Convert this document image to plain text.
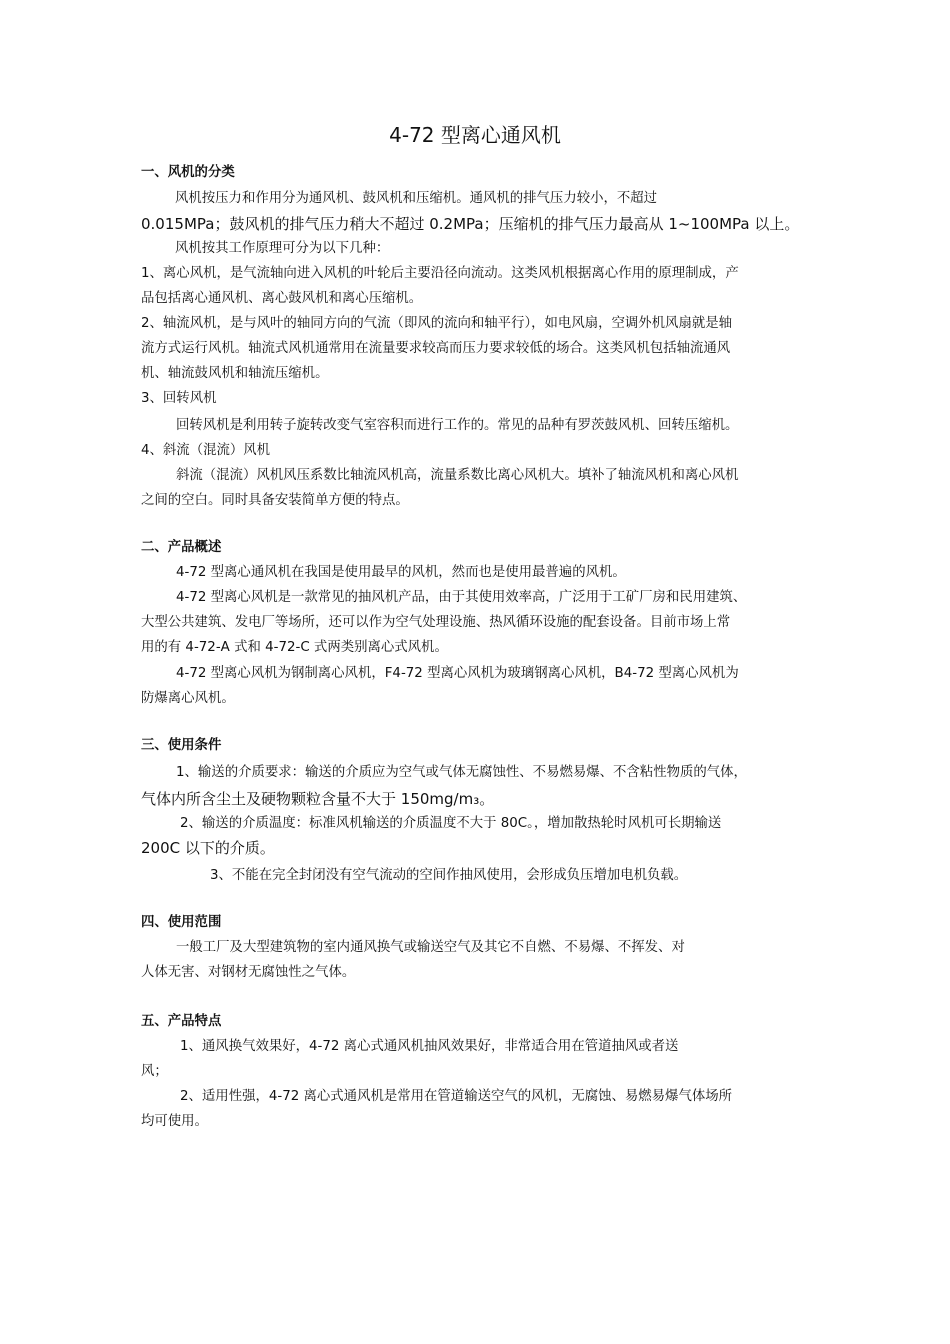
4-72 型离心通风机
一、风机的分类
风机按压力和作用分为通风机、鼓风机和压缩机。通风机的排气压力较小，不超过
0.015MPa；鼓风机的排气压力稍大不超过 0.2MPa；压缩机的排气压力最高从 1~100MPa 以上。
风机按其工作原理可分为以下几种：
1、离心风机，是气流轴向进入风机的叶轮后主要沿径向流动。这类风机根据离心作用的原理制成，产
品包括离心通风机、离心鼓风机和离心压缩机。
2、轴流风机，是与风叶的轴同方向的气流（即风的流向和轴平行），如电风扇，空调外机风扇就是轴
流方式运行风机。轴流式风机通常用在流量要求较高而压力要求较低的场合。这类风机包括轴流通风
机、轴流鼓风机和轴流压缩机。
3、回转风机
回转风机是利用转子旋转改变气室容积而进行工作的。常见的品种有罗茨鼓风机、回转压缩机。
4、斜流（混流）风机
斜流（混流）风机风压系数比轴流风机高，流量系数比离心风机大。填补了轴流风机和离心风机
之间的空白。同时具备安装简单方便的特点。
二、产品概述
4-72 型离心通风机在我国是使用最早的风机，然而也是使用最普遍的风机。
4-72 型离心风机是一款常见的抽风机产品，由于其使用效率高，广泛用于工矿厂房和民用建筑、
大型公共建筑、发电厂等场所，还可以作为空气处理设施、热风循环设施的配套设备。目前市场上常
用的有 4-72-A 式和 4-72-C 式两类别离心式风机。
4-72 型离心风机为钢制离心风机，F4-72 型离心风机为玻璃钢离心风机，B4-72 型离心风机为
防爆离心风机。
三、使用条件
1、输送的介质要求：输送的介质应为空气或气体无腐蚀性、不易燃易爆、不含粘性物质的气体，
气体内所含尘土及硬物颗粒含量不大于 150mg/m₃。
2、输送的介质温度：标准风机输送的介质温度不大于 80C。，增加散热轮时风机可长期输送
200C 以下的介质。
3、不能在完全封闭没有空气流动的空间作抽风使用，会形成负压增加电机负载。
四、使用范围
一般工厂及大型建筑物的室内通风换气或输送空气及其它不自燃、不易爆、不挥发、对
人体无害、对钢材无腐蚀性之气体。
五、产品特点
1、通风换气效果好，4-72 离心式通风机抽风效果好，非常适合用在管道抽风或者送
风；
2、适用性强，4-72 离心式通风机是常用在管道输送空气的风机，无腐蚀、易燃易爆气体场所
均可使用。
